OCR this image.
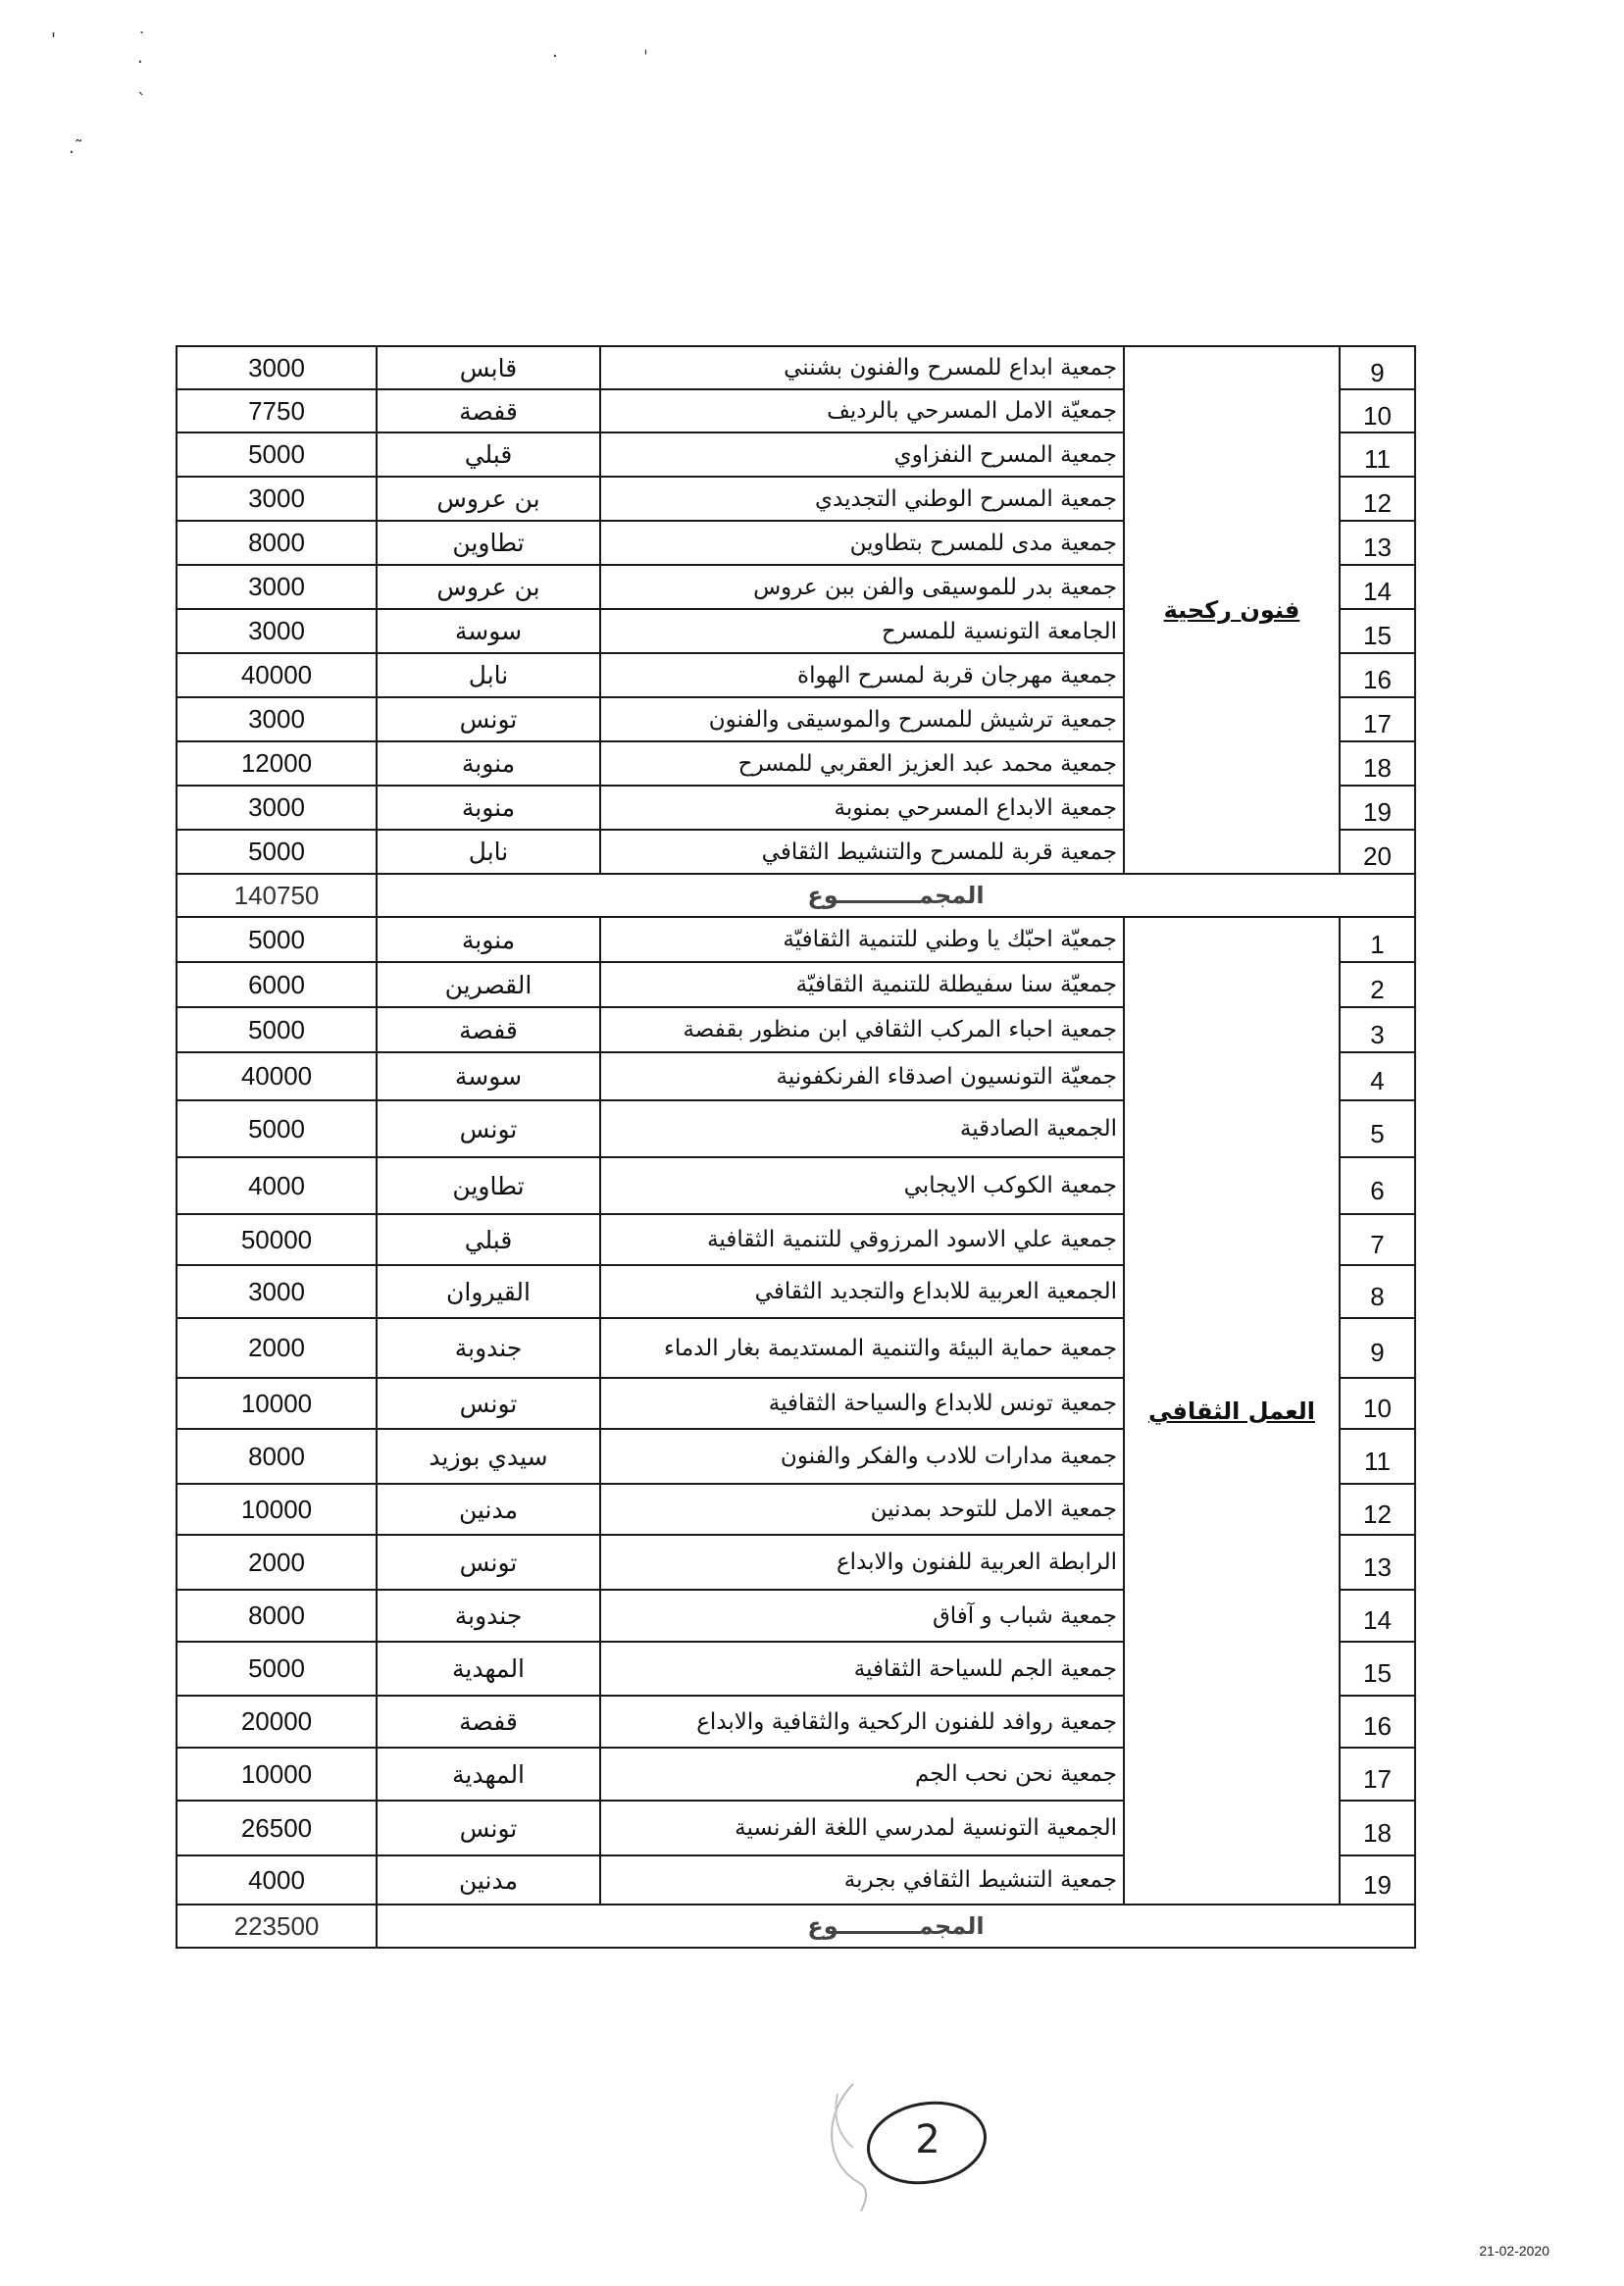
'	˙
.	.	ˈ
ˋ
.˜
3000	قابس	جمعية ابداع للمسرح والفنون بشنني	فنون ركحية	9
7750	قفصة	جمعيّة الامل المسرحي بالرديف		10
5000	قبلي	جمعية المسرح النفزاوي		11
3000	بن عروس	جمعية المسرح الوطني التجديدي		12
8000	تطاوين	جمعية مدى للمسرح بتطاوين		13
3000	بن عروس	جمعية بدر للموسيقى والفن ببن عروس		14
3000	سوسة	الجامعة التونسية للمسرح		15
40000	نابل	جمعية مهرجان قربة لمسرح الهواة		16
3000	تونس	جمعية ترشيش للمسرح والموسيقى والفنون		17
12000	منوبة	جمعية محمد عبد العزيز العقربي للمسرح		18
3000	منوبة	جمعية الابداع المسرحي بمنوبة		19
5000	نابل	جمعية قربة للمسرح والتنشيط الثقافي		20
140750	المجمــــــــــوع			
5000	منوبة	جمعيّة احبّك يا وطني للتنمية الثقافيّة	العمل الثقافي	1
6000	القصرين	جمعيّة سنا سفيطلة للتنمية الثقافيّة		2
5000	قفصة	جمعية احباء المركب الثقافي ابن منظور بقفصة		3
40000	سوسة	جمعيّة التونسيون اصدقاء الفرنكفونية		4
5000	تونس	الجمعية الصادقية		5
4000	تطاوين	جمعية الكوكب الايجابي		6
50000	قبلي	جمعية علي الاسود المرزوقي للتنمية الثقافية		7
3000	القيروان	الجمعية العربية للابداع والتجديد الثقافي		8
2000	جندوبة	جمعية حماية البيئة والتنمية المستديمة بغار الدماء		9
10000	تونس	جمعية تونس للابداع والسياحة الثقافية		10
8000	سيدي بوزيد	جمعية مدارات للادب والفكر والفنون		11
10000	مدنين	جمعية الامل للتوحد بمدنين		12
2000	تونس	الرابطة العربية للفنون والابداع		13
8000	جندوبة	جمعية شباب و آفاق		14
5000	المهدية	جمعية الجم للسياحة الثقافية		15
20000	قفصة	جمعية روافد للفنون الركحية والثقافية والابداع		16
10000	المهدية	جمعية نحن نحب الجم		17
26500	تونس	الجمعية التونسية لمدرسي اللغة الفرنسية		18
4000	مدنين	جمعية التنشيط الثقافي بجربة		19
223500	المجمــــــــــوع			
2
21-02-2020
